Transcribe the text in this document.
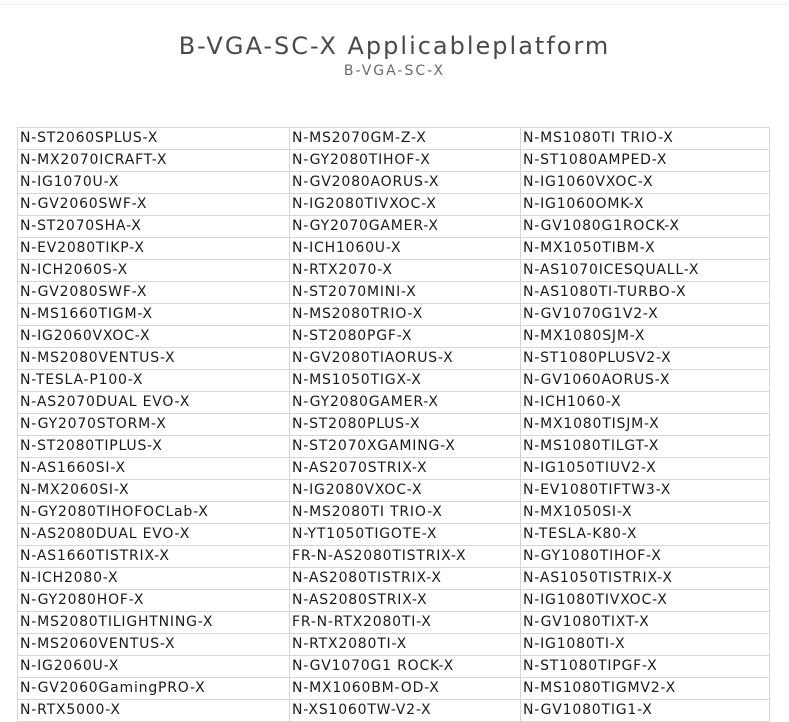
B-VGA-SC-X Applicableplatform
B-VGA-SC-X
N-ST2060SPLUS-X	N-MS2070GM-Z-X	N-MS1080TI TRIO-X
N-MX2070ICRAFT-X	N-GY2080TIHOF-X	N-ST1080AMPED-X
N-IG1070U-X	N-GV2080AORUS-X	N-IG1060VXOC-X
N-GV2060SWF-X	N-IG2080TIVXOC-X	N-IG1060OMK-X
N-ST2070SHA-X	N-GY2070GAMER-X	N-GV1080G1ROCK-X
N-EV2080TIKP-X	N-ICH1060U-X	N-MX1050TIBM-X
N-ICH2060S-X	N-RTX2070-X	N-AS1070ICESQUALL-X
N-GV2080SWF-X	N-ST2070MINI-X	N-AS1080TI-TURBO-X
N-MS1660TIGM-X	N-MS2080TRIO-X	N-GV1070G1V2-X
N-IG2060VXOC-X	N-ST2080PGF-X	N-MX1080SJM-X
N-MS2080VENTUS-X	N-GV2080TIAORUS-X	N-ST1080PLUSV2-X
N-TESLA-P100-X	N-MS1050TIGX-X	N-GV1060AORUS-X
N-AS2070DUAL EVO-X	N-GY2080GAMER-X	N-ICH1060-X
N-GY2070STORM-X	N-ST2080PLUS-X	N-MX1080TISJM-X
N-ST2080TIPLUS-X	N-ST2070XGAMING-X	N-MS1080TILGT-X
N-AS1660SI-X	N-AS2070STRIX-X	N-IG1050TIUV2-X
N-MX2060SI-X	N-IG2080VXOC-X	N-EV1080TIFTW3-X
N-GY2080TIHOFOCLab-X	N-MS2080TI TRIO-X	N-MX1050SI-X
N-AS2080DUAL EVO-X	N-YT1050TIGOTE-X	N-TESLA-K80-X
N-AS1660TISTRIX-X	FR-N-AS2080TISTRIX-X	N-GY1080TIHOF-X
N-ICH2080-X	N-AS2080TISTRIX-X	N-AS1050TISTRIX-X
N-GY2080HOF-X	N-AS2080STRIX-X	N-IG1080TIVXOC-X
N-MS2080TILIGHTNING-X	FR-N-RTX2080TI-X	N-GV1080TIXT-X
N-MS2060VENTUS-X	N-RTX2080TI-X	N-IG1080TI-X
N-IG2060U-X	N-GV1070G1 ROCK-X	N-ST1080TIPGF-X
N-GV2060GamingPRO-X	N-MX1060BM-OD-X	N-MS1080TIGMV2-X
N-RTX5000-X	N-XS1060TW-V2-X	N-GV1080TIG1-X
